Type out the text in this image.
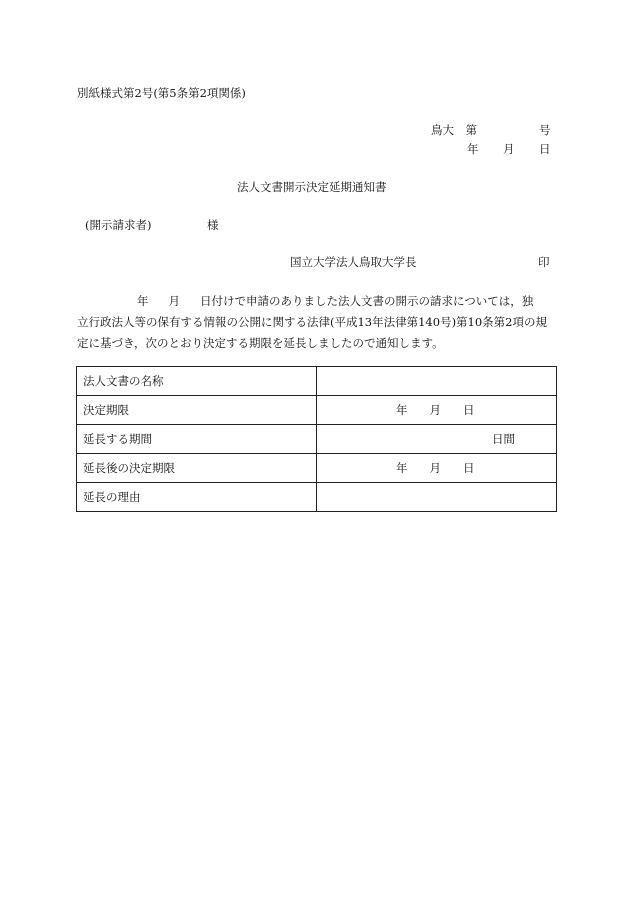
別紙様式第2号(第5条第2項関係)
鳥大　第	号
年 月 日
法人文書開示決定延期通知書
(開示請求者)	様
国立大学法人鳥取大学長	印
年 月 日付けで申請のありました法人文書の開示の請求については，独
立行政法人等の保有する情報の公開に関する法律(平成13年法律第140号)第10条第2項の規
定に基づき，次のとおり決定する期限を延長しましたので通知します。
法人文書の名称	
決定期限	年 月 日
延長する期間	日間
延長後の決定期限	年 月 日
延長の理由	
